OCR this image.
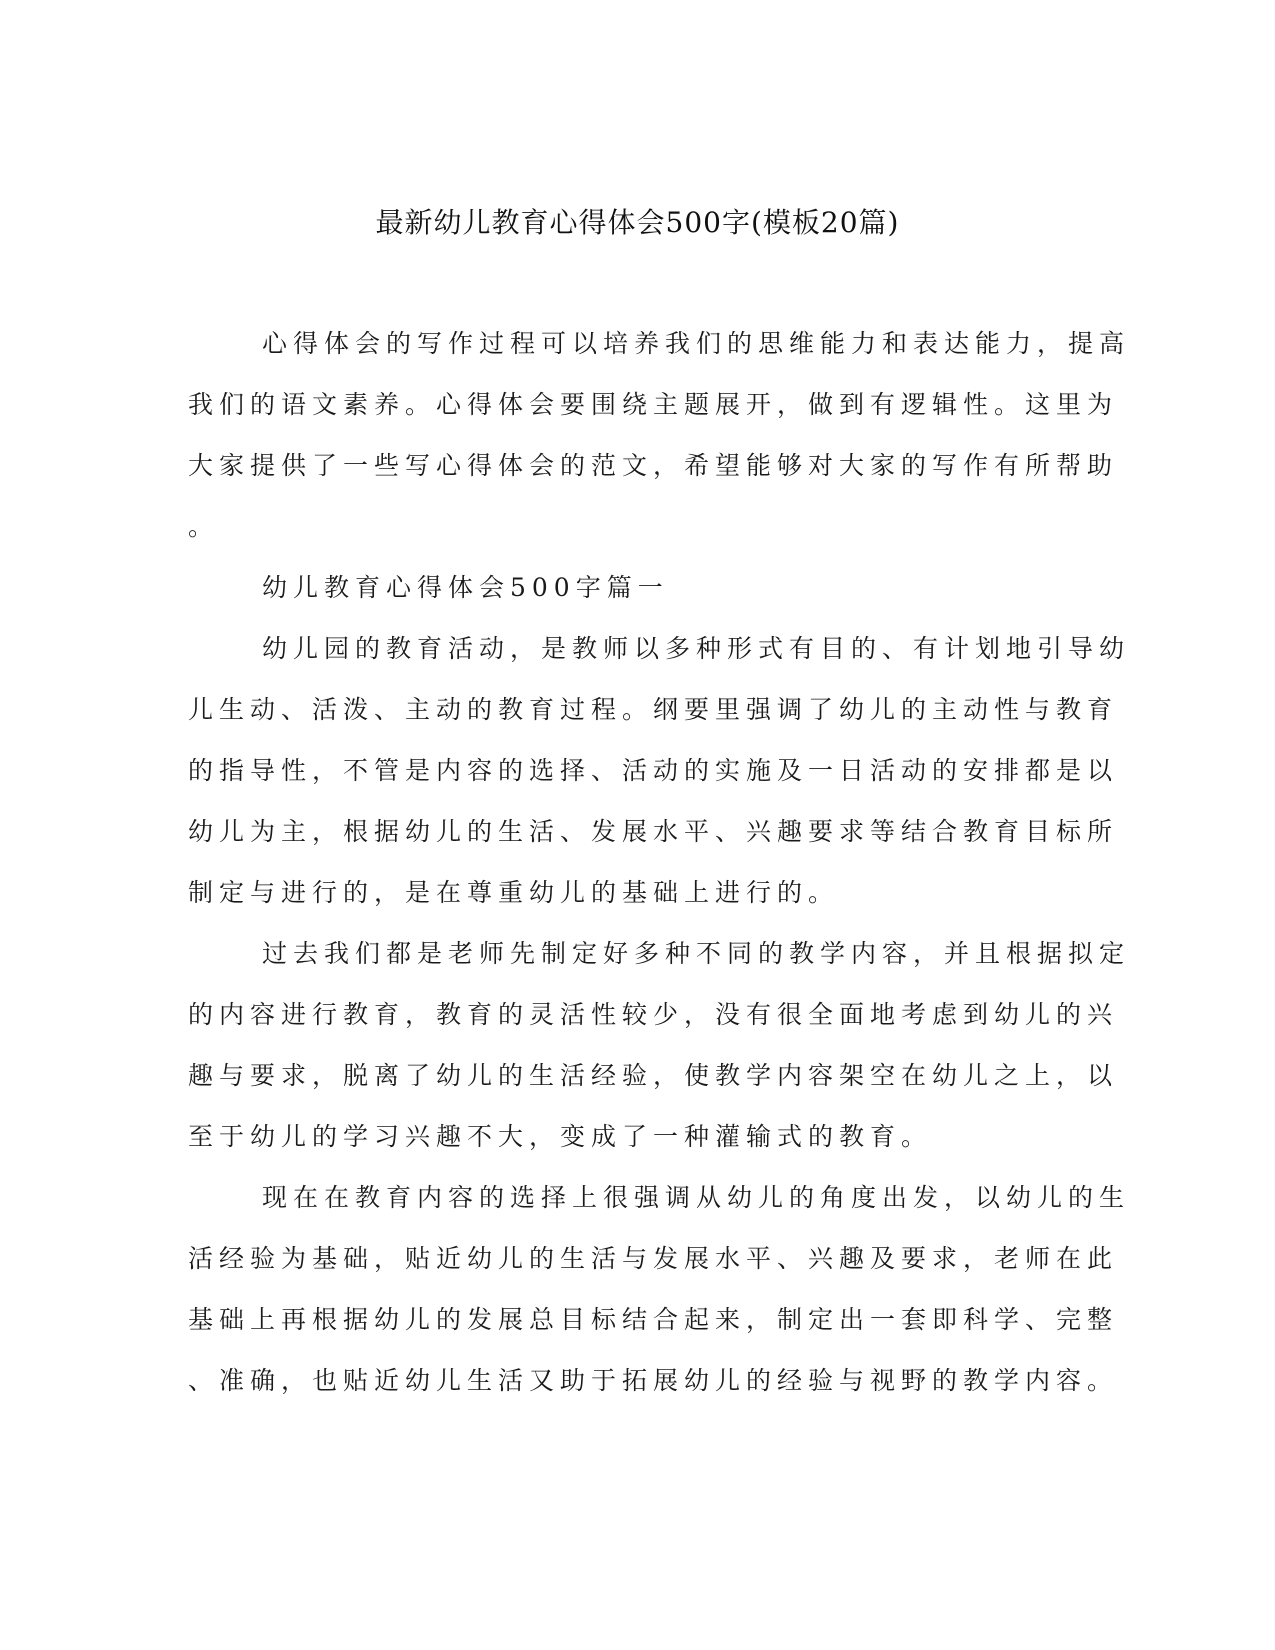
最新幼儿教育心得体会500字(模板20篇)

心得体会的写作过程可以培养我们的思维能力和表达能力，提高
我们的语文素养。心得体会要围绕主题展开，做到有逻辑性。这里为
大家提供了一些写心得体会的范文，希望能够对大家的写作有所帮助
。

幼儿教育心得体会500字篇一

幼儿园的教育活动，是教师以多种形式有目的、有计划地引导幼
儿生动、活泼、主动的教育过程。纲要里强调了幼儿的主动性与教育
的指导性，不管是内容的选择、活动的实施及一日活动的安排都是以
幼儿为主，根据幼儿的生活、发展水平、兴趣要求等结合教育目标所
制定与进行的，是在尊重幼儿的基础上进行的。

过去我们都是老师先制定好多种不同的教学内容，并且根据拟定
的内容进行教育，教育的灵活性较少，没有很全面地考虑到幼儿的兴
趣与要求，脱离了幼儿的生活经验，使教学内容架空在幼儿之上，以
至于幼儿的学习兴趣不大，变成了一种灌输式的教育。

现在在教育内容的选择上很强调从幼儿的角度出发，以幼儿的生
活经验为基础，贴近幼儿的生活与发展水平、兴趣及要求，老师在此
基础上再根据幼儿的发展总目标结合起来，制定出一套即科学、完整
、准确，也贴近幼儿生活又助于拓展幼儿的经验与视野的教学内容。
